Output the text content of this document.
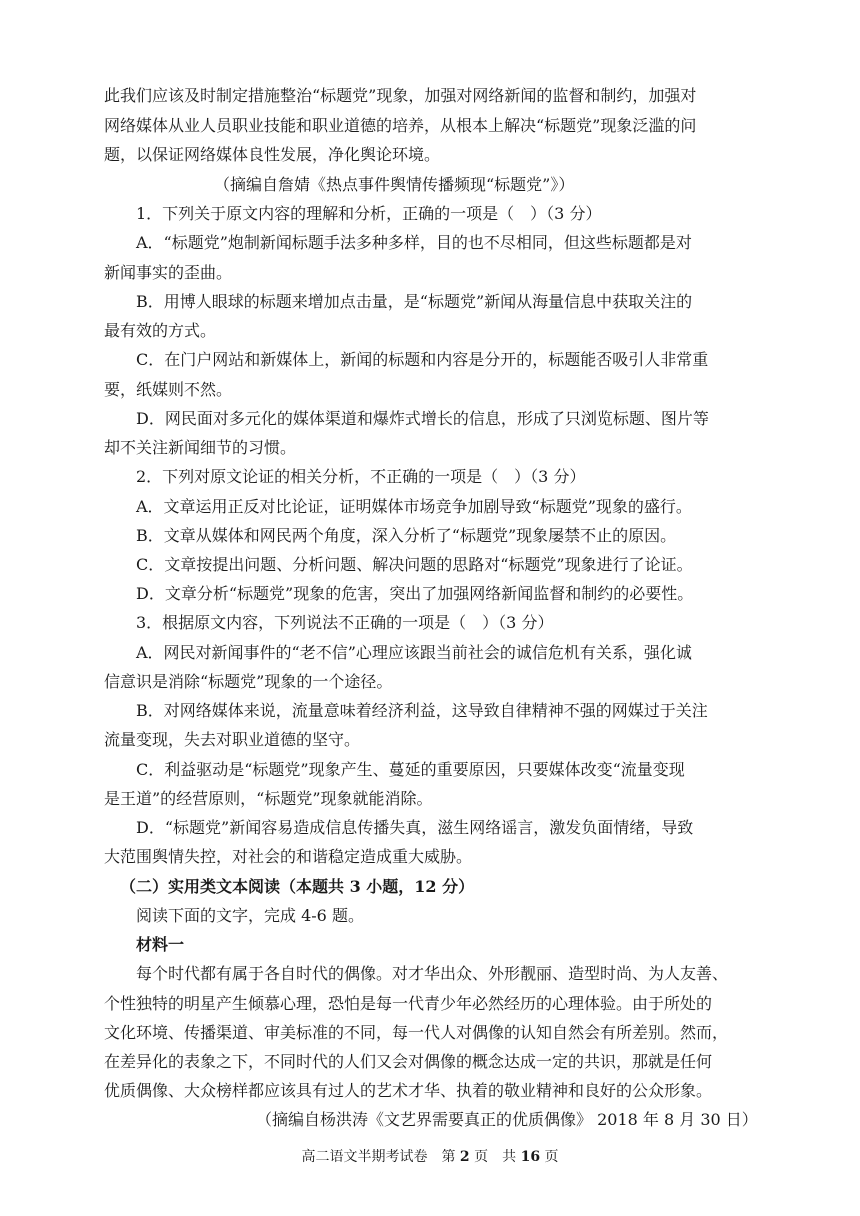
此我们应该及时制定措施整治“标题党”现象，加强对网络新闻的监督和制约，加强对
网络媒体从业人员职业技能和职业道德的培养，从根本上解决“标题党”现象泛滥的问
题，以保证网络媒体良性发展，净化舆论环境。
（摘编自詹婧《热点事件舆情传播频现“标题党”》）
1．下列关于原文内容的理解和分析，正确的一项是（　）（3 分）
A．“标题党”炮制新闻标题手法多种多样，目的也不尽相同，但这些标题都是对
新闻事实的歪曲。
B．用博人眼球的标题来增加点击量，是“标题党”新闻从海量信息中获取关注的
最有效的方式。
C．在门户网站和新媒体上，新闻的标题和内容是分开的，标题能否吸引人非常重
要，纸媒则不然。
D．网民面对多元化的媒体渠道和爆炸式增长的信息，形成了只浏览标题、图片等
却不关注新闻细节的习惯。
2．下列对原文论证的相关分析，不正确的一项是（　）（3 分）
A．文章运用正反对比论证，证明媒体市场竞争加剧导致“标题党”现象的盛行。
B．文章从媒体和网民两个角度，深入分析了“标题党”现象屡禁不止的原因。
C．文章按提出问题、分析问题、解决问题的思路对“标题党”现象进行了论证。
D．文章分析“标题党”现象的危害，突出了加强网络新闻监督和制约的必要性。
3．根据原文内容，下列说法不正确的一项是（　）（3 分）
A．网民对新闻事件的“老不信”心理应该跟当前社会的诚信危机有关系，强化诚
信意识是消除“标题党”现象的一个途径。
B．对网络媒体来说，流量意味着经济利益，这导致自律精神不强的网媒过于关注
流量变现，失去对职业道德的坚守。
C．利益驱动是“标题党”现象产生、蔓延的重要原因，只要媒体改变“流量变现
是王道”的经营原则，“标题党”现象就能消除。
D．“标题党”新闻容易造成信息传播失真，滋生网络谣言，激发负面情绪，导致
大范围舆情失控，对社会的和谐稳定造成重大威胁。
（二）实用类文本阅读（本题共 3 小题，12 分）
阅读下面的文字，完成 4-6 题。
材料一
每个时代都有属于各自时代的偶像。对才华出众、外形靓丽、造型时尚、为人友善、
个性独特的明星产生倾慕心理，恐怕是每一代青少年必然经历的心理体验。由于所处的
文化环境、传播渠道、审美标准的不同，每一代人对偶像的认知自然会有所差别。然而，
在差异化的表象之下，不同时代的人们又会对偶像的概念达成一定的共识，那就是任何
优质偶像、大众榜样都应该具有过人的艺术才华、执着的敬业精神和良好的公众形象。
（摘编自杨洪涛《文艺界需要真正的优质偶像》 2018 年 8 月 30 日）
高二语文半期考试卷　第 2 页　共 16 页
